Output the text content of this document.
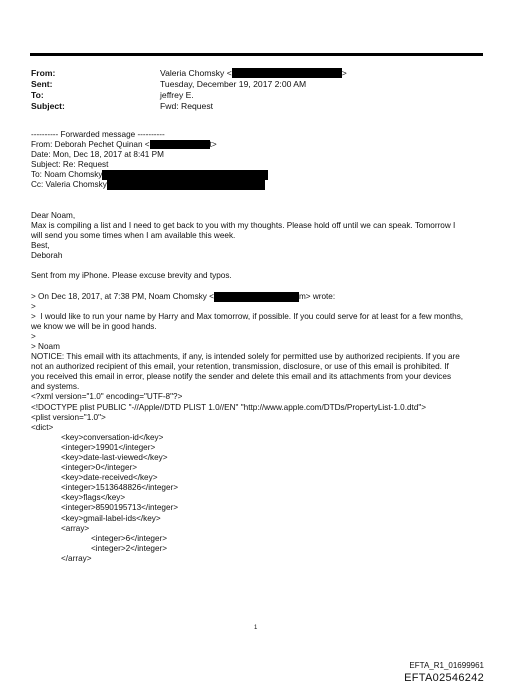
From:	Valeria Chomsky <	>
Sent:	Tuesday, December 19, 2017 2:00 AM
To:	jeffrey E.
Subject:	Fwd: Request
---------- Forwarded message ----------
From: Deborah Pechet Quinan <	t>
Date: Mon, Dec 18, 2017 at 8:41 PM
Subject: Re: Request
To: Noam Chomsky
Cc: Valeria Chomsky
Dear Noam,
Max is compiling a list and I need to get back to you with my thoughts. Please hold off until we can speak. Tomorrow I
will send you some times when I am available this week.
Best,
Deborah
Sent from my iPhone. Please excuse brevity and typos.
> On Dec 18, 2017, at 7:38 PM, Noam Chomsky <	m> wrote:
>
>  I would like to run your name by Harry and Max tomorrow, if possible. If you could serve for at least for a few months,
we know we will be in good hands.
>
> Noam
NOTICE: This email with its attachments, if any, is intended solely for permitted use by authorized recipients. If you are
not an authorized recipient of this email, your retention, transmission, disclosure, or use of this email is prohibited. If
you received this email in error, please notify the sender and delete this email and its attachments from your devices
and systems.
<?xml version="1.0" encoding="UTF-8"?>
<!DOCTYPE plist PUBLIC "-//Apple//DTD PLIST 1.0//EN" "http://www.apple.com/DTDs/PropertyList-1.0.dtd">
<plist version="1.0">
<dict>
<key>conversation-id</key>
<integer>19901</integer>
<key>date-last-viewed</key>
<integer>0</integer>
<key>date-received</key>
<integer>1513648826</integer>
<key>flags</key>
<integer>8590195713</integer>
<key>gmail-label-ids</key>
<array>
<integer>6</integer>
<integer>2</integer>
</array>
1
EFTA_R1_01699961
EFTA02546242
